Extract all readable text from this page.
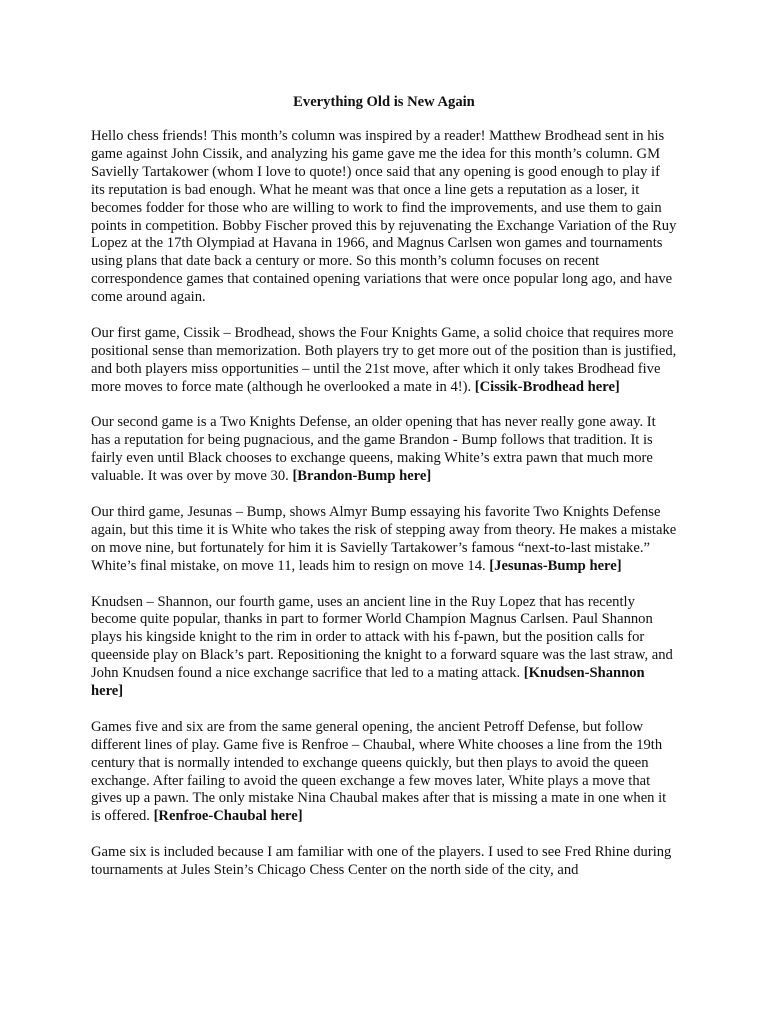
Everything Old is New Again

Hello chess friends! This month’s column was inspired by a reader! Matthew Brodhead sent in his game against John Cissik, and analyzing his game gave me the idea for this month’s column. GM Savielly Tartakower (whom I love to quote!) once said that any opening is good enough to play if its reputation is bad enough. What he meant was that once a line gets a reputation as a loser, it becomes fodder for those who are willing to work to find the improvements, and use them to gain points in competition. Bobby Fischer proved this by rejuvenating the Exchange Variation of the Ruy Lopez at the 17th Olympiad at Havana in 1966, and Magnus Carlsen won games and tournaments using plans that date back a century or more. So this month’s column focuses on recent correspondence games that contained opening variations that were once popular long ago, and have come around again.

Our first game, Cissik – Brodhead, shows the Four Knights Game, a solid choice that requires more positional sense than memorization. Both players try to get more out of the position than is justified, and both players miss opportunities – until the 21st move, after which it only takes Brodhead five more moves to force mate (although he overlooked a mate in 4!). [Cissik-Brodhead here]

Our second game is a Two Knights Defense, an older opening that has never really gone away. It has a reputation for being pugnacious, and the game Brandon - Bump follows that tradition. It is fairly even until Black chooses to exchange queens, making White’s extra pawn that much more valuable. It was over by move 30. [Brandon-Bump here]

Our third game, Jesunas – Bump, shows Almyr Bump essaying his favorite Two Knights Defense again, but this time it is White who takes the risk of stepping away from theory. He makes a mistake on move nine, but fortunately for him it is Savielly Tartakower’s famous “next-to-last mistake.” White’s final mistake, on move 11, leads him to resign on move 14. [Jesunas-Bump here]

Knudsen – Shannon, our fourth game, uses an ancient line in the Ruy Lopez that has recently become quite popular, thanks in part to former World Champion Magnus Carlsen. Paul Shannon plays his kingside knight to the rim in order to attack with his f-pawn, but the position calls for queenside play on Black’s part. Repositioning the knight to a forward square was the last straw, and John Knudsen found a nice exchange sacrifice that led to a mating attack. [Knudsen-Shannon here]

Games five and six are from the same general opening, the ancient Petroff Defense, but follow different lines of play. Game five is Renfroe – Chaubal, where White chooses a line from the 19th century that is normally intended to exchange queens quickly, but then plays to avoid the queen exchange. After failing to avoid the queen exchange a few moves later, White plays a move that gives up a pawn. The only mistake Nina Chaubal makes after that is missing a mate in one when it is offered. [Renfroe-Chaubal here]

Game six is included because I am familiar with one of the players. I used to see Fred Rhine during tournaments at Jules Stein’s Chicago Chess Center on the north side of the city, and
